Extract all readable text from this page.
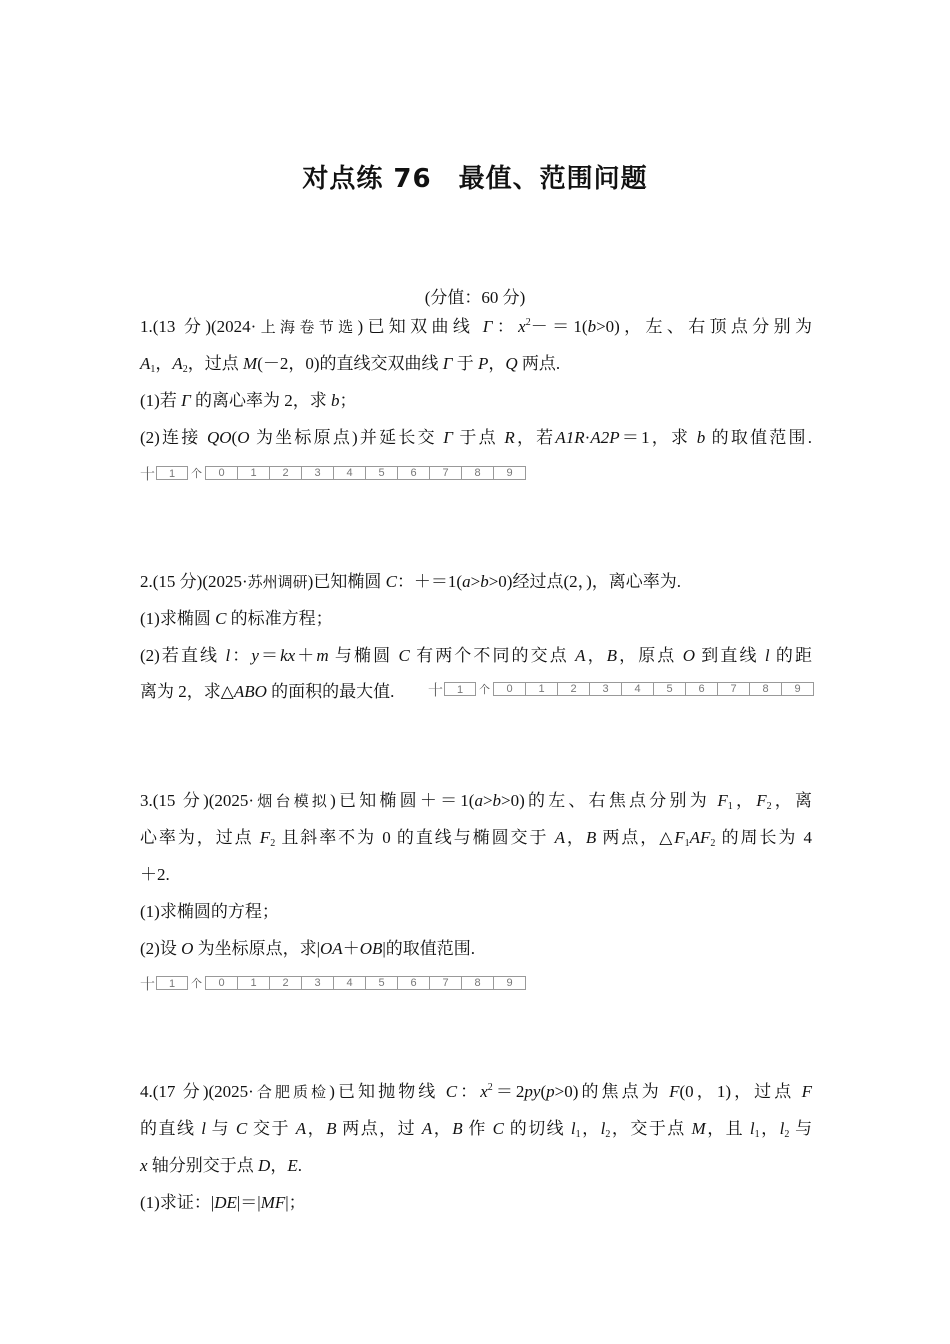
对点练 76　最值、范围问题
(分值：60 分)
1.(13 分)(2024·上海卷节选)已知双曲线 Γ：$x^2-=1(b>0)$，左、右顶点分别为
$A_1$，$A_2$，过点 M(－2，0)的直线交双曲线 Γ 于 P，Q 两点.
(1)若 Γ 的离心率为 2，求 b；
(2)连接 QO(O 为坐标原点)并延长交 Γ 于点 R，若A1R·A2P＝1，求 b 的取值范围.
十	1	个	0	1	2	3	4	5	6	7	8	9
2.(15 分)(2025·苏州调研)已知椭圆 C：＋＝1(a>b>0)经过点(2，)，离心率为.
(1)求椭圆 C 的标准方程；
(2)若直线 l：y＝kx＋m 与椭圆 C 有两个不同的交点 A，B，原点 O 到直线 l 的距
离为 2，求△ABO 的面积的最大值.	十	1	个	0	1	2	3	4	5	6	7	8	9
3.(15 分)(2025·烟台模拟)已知椭圆＋＝1(a>b>0)的左、右焦点分别为 $F_1$，$F_2$，离
心率为，过点 $F_2$ 且斜率不为 0 的直线与椭圆交于 A，B 两点，$\triangle F_1AF_2$ 的周长为 4
＋2.
(1)求椭圆的方程；
(2)设 O 为坐标原点，求|OA＋OB|的取值范围.
十	1	个	0	1	2	3	4	5	6	7	8	9
4.(17 分)(2025·合肥质检)已知抛物线 C：$x^2=2py(p>0)$的焦点为 F(0，1)，过点 F
的直线 l 与 C 交于 A，B 两点，过 A，B 作 C 的切线 $l_1$，$l_2$，交于点 M，且 $l_1$，$l_2$ 与
x 轴分别交于点 D，E.
(1)求证：|DE|＝|MF|；
